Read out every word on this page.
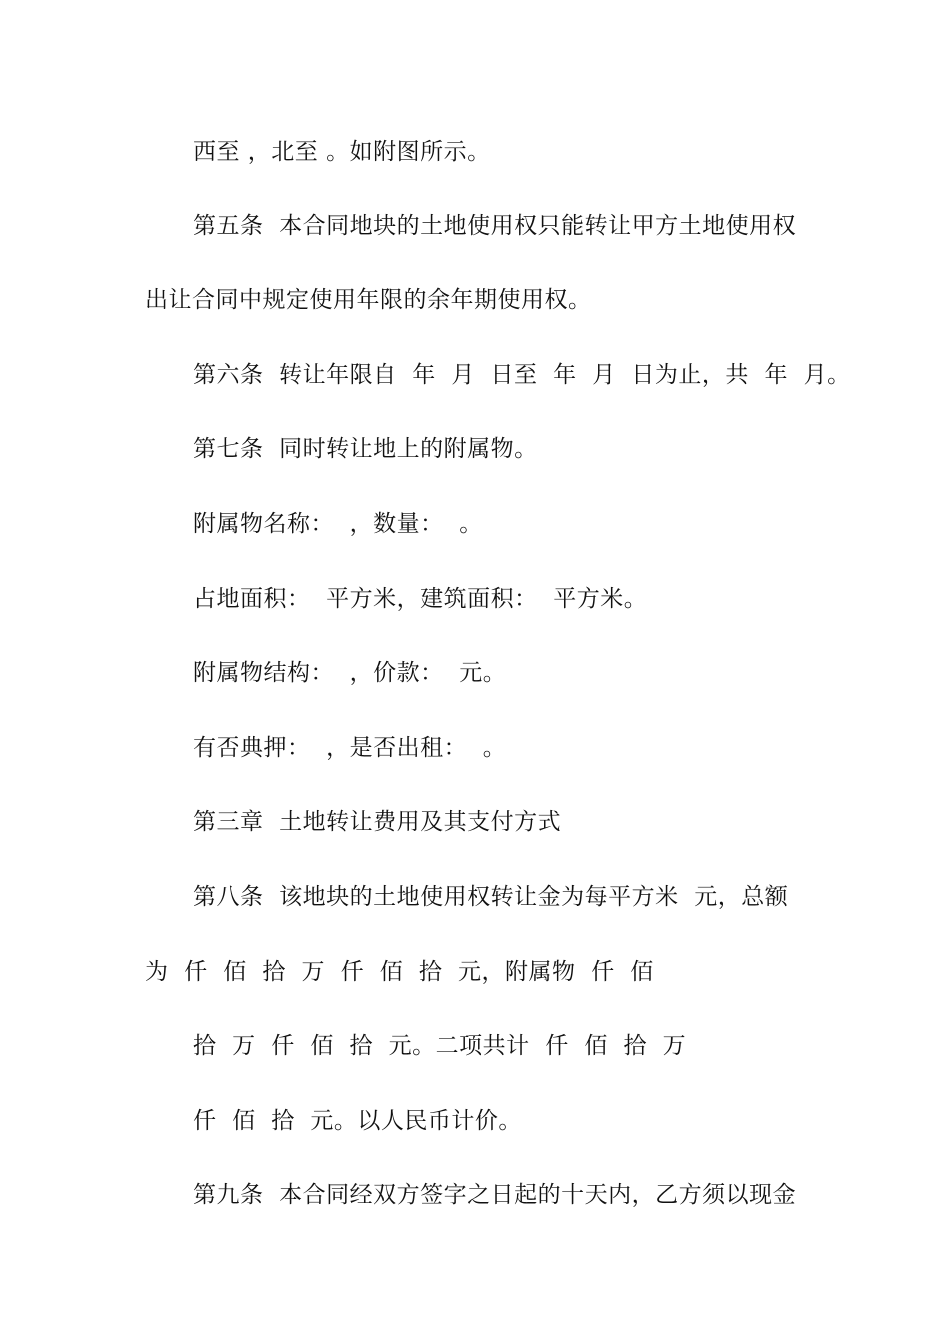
西至 ，北至 。如附图所示。
第五条  本合同地块的土地使用权只能转让甲方土地使用权
出让合同中规定使用年限的余年期使用权。
第六条  转让年限自  年  月  日至  年  月  日为止，共  年  月。
第七条  同时转让地上的附属物。
附属物名称：  ，数量：  。
占地面积：  平方米，建筑面积：  平方米。
附属物结构：  ，价款：  元。
有否典押：  ，是否出租：  。
第三章  土地转让费用及其支付方式
第八条  该地块的土地使用权转让金为每平方米  元，总额
为  仟  佰  拾  万  仟  佰  拾  元，附属物  仟  佰
拾  万  仟  佰  拾  元。二项共计  仟  佰  拾  万
仟  佰  拾  元。以人民币计价。
第九条  本合同经双方签字之日起的十天内，乙方须以现金
